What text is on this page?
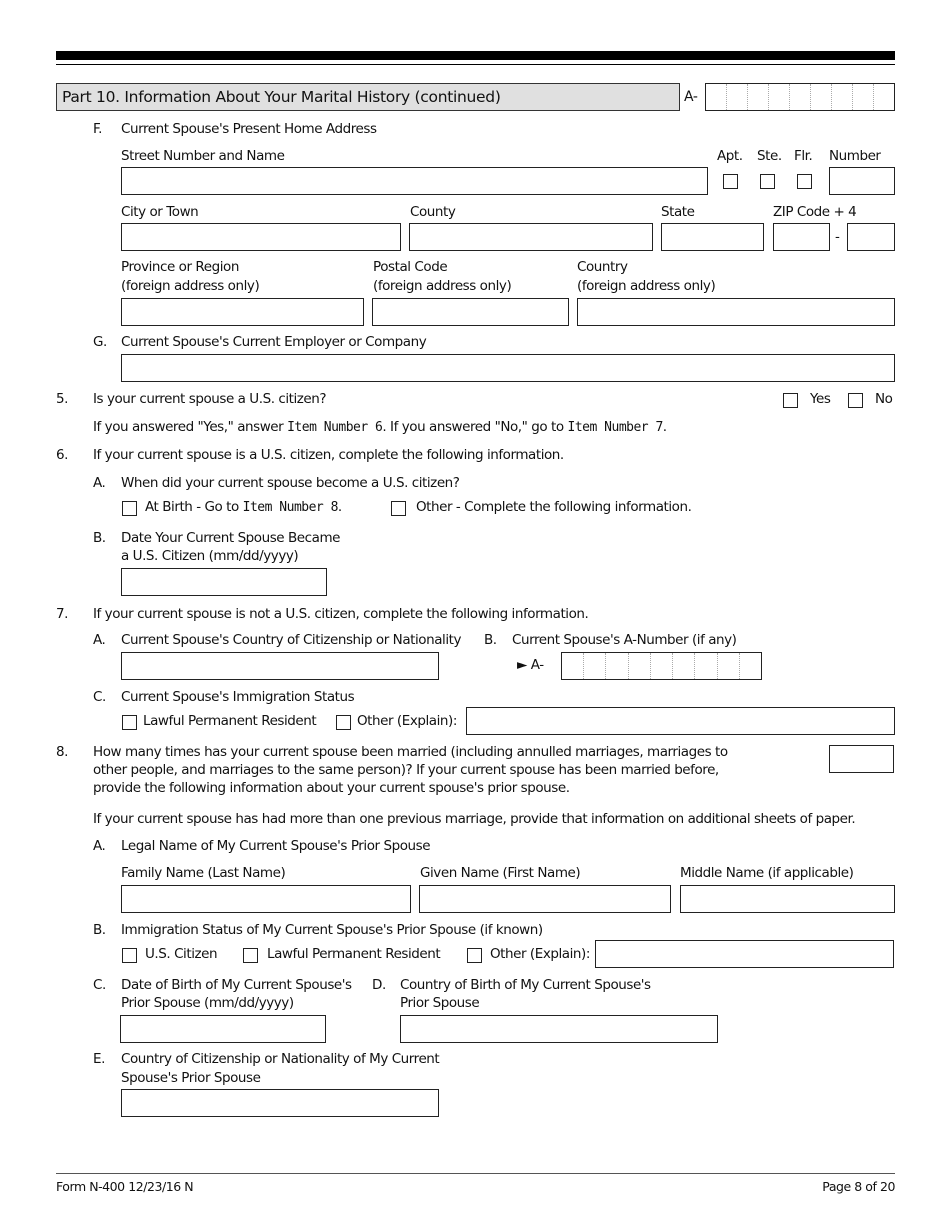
Part 10. Information About Your Marital History (continued)	A-
F. Current Spouse's Present Home Address
Street Number and Name	Apt. Ste. Flr. Number
City or Town	County	State	ZIP Code + 4
-
Province or Region
(foreign address only)
Postal Code
(foreign address only)
Country
(foreign address only)
G. Current Spouse's Current Employer or Company
5. Is your current spouse a U.S. citizen?	Yes	No
If you answered "Yes," answer Item Number 6. If you answered "No," go to Item Number 7.
6. If your current spouse is a U.S. citizen, complete the following information.
A. When did your current spouse become a U.S. citizen?
At Birth - Go to Item Number 8.	Other - Complete the following information.
B. Date Your Current Spouse Became
a U.S. Citizen (mm/dd/yyyy)
7. If your current spouse is not a U.S. citizen, complete the following information.
A. Current Spouse's Country of Citizenship or Nationality B. Current Spouse's A-Number (if any)
► A-
C. Current Spouse's Immigration Status
Lawful Permanent Resident	Other (Explain):
8. How many times has your current spouse been married (including annulled marriages, marriages to
other people, and marriages to the same person)? If your current spouse has been married before,
provide the following information about your current spouse's prior spouse.
If your current spouse has had more than one previous marriage, provide that information on additional sheets of paper.
A. Legal Name of My Current Spouse's Prior Spouse
Family Name (Last Name)	Given Name (First Name)	Middle Name (if applicable)
B. Immigration Status of My Current Spouse's Prior Spouse (if known)
U.S. Citizen	Lawful Permanent Resident	Other (Explain):
C. Date of Birth of My Current Spouse's
Prior Spouse (mm/dd/yyyy)
D. Country of Birth of My Current Spouse's
Prior Spouse
E. Country of Citizenship or Nationality of My Current
Spouse's Prior Spouse
Form N-400 12/23/16 N	Page 8 of 20
